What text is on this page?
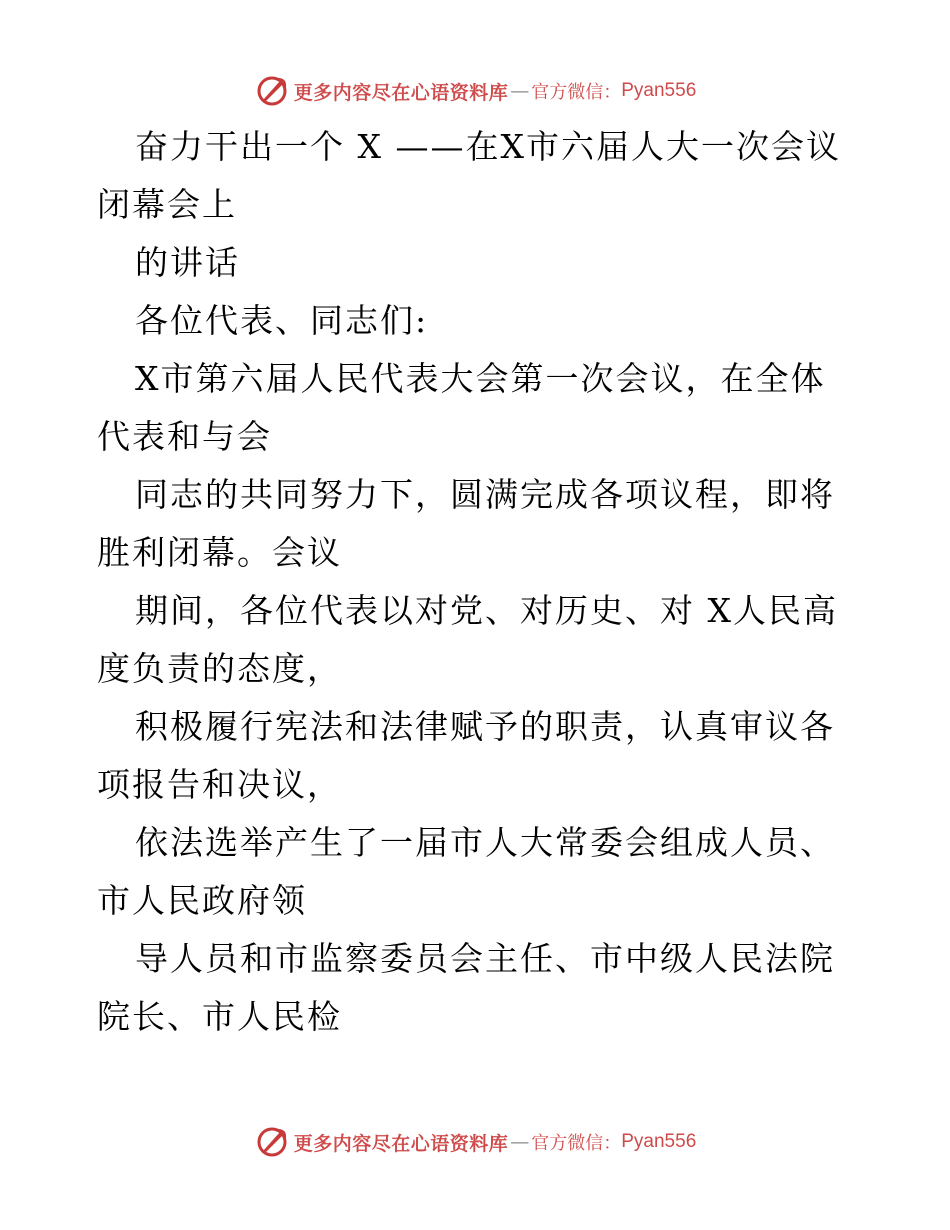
更多内容尽在心语资料库 — 官方微信： Pyan556

奋力干出一个 X ——在X市六届人大一次会议闭幕会上

的讲话

各位代表、同志们:

X市第六届人民代表大会第一次会议，在全体代表和与会

同志的共同努力下，圆满完成各项议程，即将胜利闭幕。会议

期间，各位代表以对党、对历史、对 X人民高度负责的态度，

积极履行宪法和法律赋予的职责，认真审议各项报告和决议，

依法选举产生了一届市人大常委会组成人员、市人民政府领

导人员和市监察委员会主任、市中级人民法院院长、市人民检

更多内容尽在心语资料库 — 官方微信： Pyan556
